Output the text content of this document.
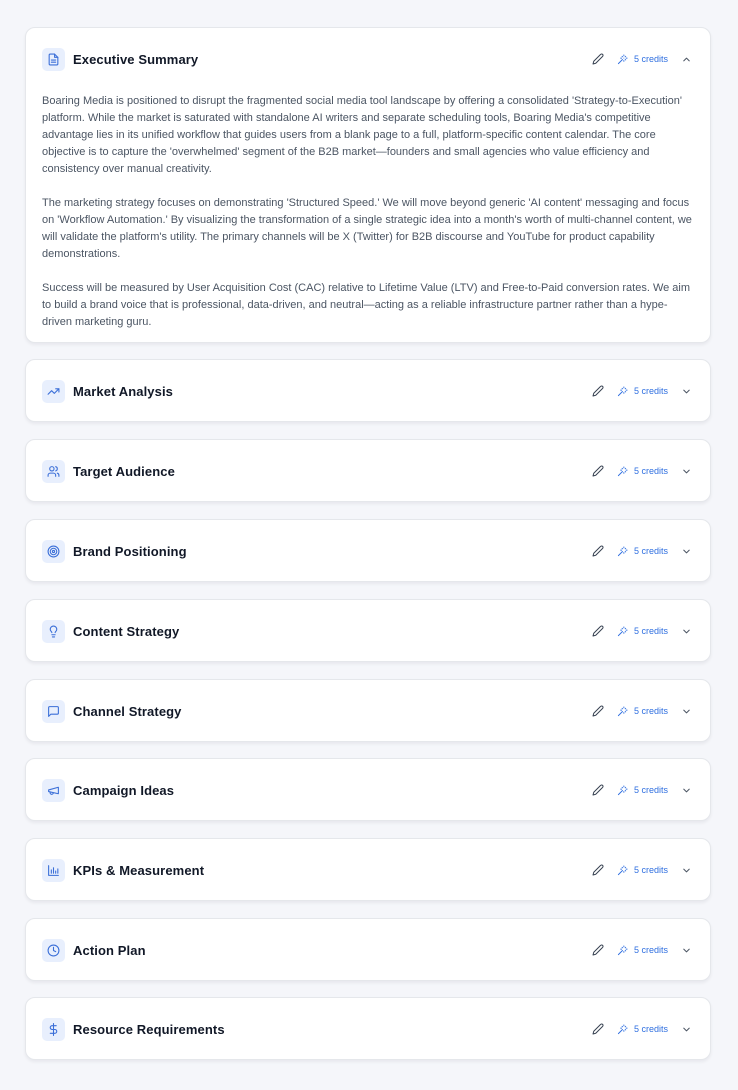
Executive Summary	5 credits

Boaring Media is positioned to disrupt the fragmented social media tool landscape by offering a consolidated 'Strategy-to-Execution' platform. While the market is saturated with standalone AI writers and separate scheduling tools, Boaring Media's competitive advantage lies in its unified workflow that guides users from a blank page to a full, platform-specific content calendar. The core objective is to capture the 'overwhelmed' segment of the B2B market—founders and small agencies who value efficiency and consistency over manual creativity.

The marketing strategy focuses on demonstrating 'Structured Speed.' We will move beyond generic 'AI content' messaging and focus on 'Workflow Automation.' By visualizing the transformation of a single strategic idea into a month's worth of multi-channel content, we will validate the platform's utility. The primary channels will be X (Twitter) for B2B discourse and YouTube for product capability demonstrations.

Success will be measured by User Acquisition Cost (CAC) relative to Lifetime Value (LTV) and Free-to-Paid conversion rates. We aim to build a brand voice that is professional, data-driven, and neutral—acting as a reliable infrastructure partner rather than a hype-driven marketing guru.

Market Analysis	5 credits
Target Audience	5 credits
Brand Positioning	5 credits
Content Strategy	5 credits
Channel Strategy	5 credits
Campaign Ideas	5 credits
KPIs & Measurement	5 credits
Action Plan	5 credits
Resource Requirements	5 credits
